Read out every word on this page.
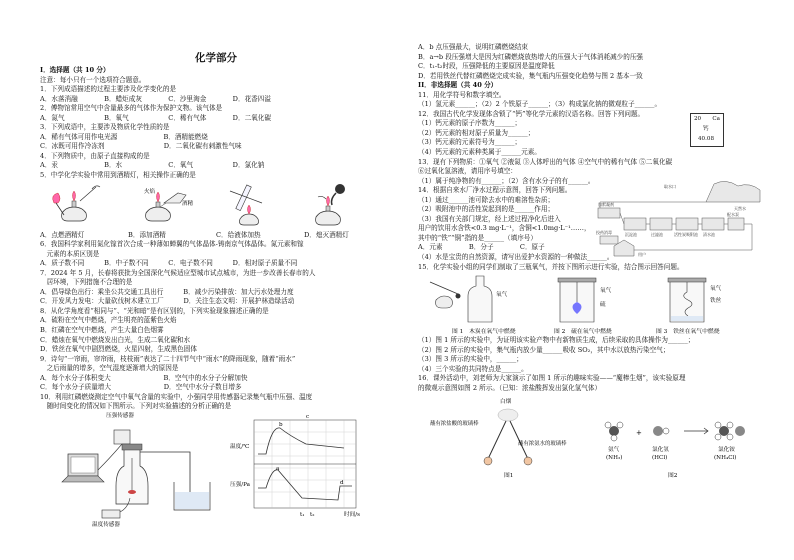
化学部分
I．选择题（共 10 分）
注意：每小只有一个选项符合题意。
1．下列成语描述的过程主要涉及化学变化的是
A．水落消融　　　　B．蜡炬成灰　　　　C．沙里淘金　　　　D．花香四溢
2．傅物馆常用空气中含量最多的气体作为保护文物。该气体是
A．氮气　　　　　　B．氧气　　　　　　C．稀有气体　　　　D．二氧化碳
3．下列成语中，主要涉及物质化学性质的是
A．稀有气体可用作电光源　　　　　　　B．酒精能燃烧
C．冰既可用作冷冻剂　　　　　　　　　D．二氧化碳有刺激性气味
4．下列物质中，由原子直接构成的是
A．汞　　　　　　　B．水　　　　　　　C．氧气　　　　　　D．氯化钠
5．中学化学实验中常用到酒精灯，相关操作正确的是
火焰
酒精
A．点燃酒精灯	B．添加酒精	C．给液体加热	D．熄灭酒精灯
6．我国科学家利用氮化镓首次合成一种薄如蝉翼的气体晶体-铸南京气体晶体。氮元素和镓
　元素的本质区别是
A．质子数不同　　　B．中子数不同　　　C．电子数不同　　　D．相对原子质量不同
7．2024 年 5 月，长春将获批为全国深化气候适应型城市试点城市，为进一步改善长春市的人
　居环境，下列措施不合理的是
A．倡导绿色出行：乘坐公共交通工具出行　　　B．减少污染排放：加大污水处理力度
C．开发风力发电：大量砍伐树木建立工厂　　　D．关注生态文明：开展护林造绿活动
8．从化学角度看“相同与”、“光和暗”是有区别的，下列实验现象描述正确的是
A．硫粉在空气中燃烧，产生明亮的蓝紫色火焰
B．红磷在空气中燃烧，产生大量白色烟雾
C．蜡烛在氧气中燃烧发出白光，生成二氧化碳和水
D．铁丝在氧气中剧烈燃烧，火星四射，生成黑色固体
9．诗句“一帘雨，帘帘雨，枝枝雨”表达了二十四节气中“雨水”的降雨现象，随着“雨水”
　之后雨量的增多，空气湿度逐渐增大的原因是
A．每个水分子体积变大　　　　　　　　B．空气中的水分子分解加快
C．每个水分子质量增大　　　　　　　　D．空气中水分子数目增多
10．利用红磷燃烧测定空气中氧气含量的实验中，小强同学用传感器记录集气瓶中压强、温度
　随时间变化的情况如下图所示。下列对实验描述的分析正确的是
压强传感器
温度传感器
温度/℃
压强/Pa
a
b
c
d
t₁ t₂	时间/s
A．b 点压强最大，说明红磷燃烧结束
B．a→b 段压强增大是因为红磷燃烧放热增大的压强大于气体消耗减少的压强
C．t₁-t₂时段，压强降低的主要原因是温度降低
D．若用铁丝代替红磷燃烧完成实验，集气瓶内压强变化趋势与图 2 基本一致
II．非选择题（共 40 分）
11．用化学符号和数字填空。
（1）氢元素______；（2）2 个铁原子______；（3）构成氯化钠的微观粒子______。
12．我国古代化学发现体含锁了“钙”等化学元素的汉语名称。回答下列问题。
（1）钙元素的原子序数为______；
（2）钙元素的相对原子质量为______；
（3）钙元素的元素符号为______；
（4）钙元素的元素种类属于______元素。
20 Ca
钙
40.08
13．现有下列物质：①氧气 ②液氮 ③人体呼出的气体 ④空气中的稀有气体 ⑤二氧化碳
⑥过氧化氢溶液，请用序号填空：
（1）属于纯净物的有______；（2）含有水分子的有______。
14．根据自来水厂净水过程示意图，回答下列问题。
（1）通过______池可除去水中的难溶性杂质；
（2）吸附池中的活性炭起到的是______作用；
（3）我国有关部门规定，经上述过程净化后进入
用户的饮用水含铁<0.3 mg·L⁻¹，含铜<1.0mg·L⁻¹……，
其中的“铁”“铜”指的是______（填序号）
A．元素　　　　B．分子　　　　C．原子
取水口
天然水
加絮凝剂
沉淀池	过滤池	活性炭吸附池 清水池
配水泵
投药消毒
用户
（4）水是宝贵的自然资源，请写出爱护水资源的一种做法______。
15．化学实验小组的同学们制取了三瓶氧气，并按下图所示进行实验，结合图示回答问题。
氧气
氧气
硫
氧气
铁丝
图 1　木炭在氧气中燃烧	图 2　硫在氧气中燃烧	图 3　铁丝在氧气中燃烧
（1）图 1 所示的实验中，为证明该实验产物中有新物质生成，后续采取的具体操作为______；
（2）图 2 所示的实验中，集气瓶内放少量______吸收 SO₂，其中水以放热污染空气；
（3）图 3 所示的实验中，______；
（4）三个实验的共同特点是______。
16．课外活动中，刘老师为大家演示了如图 1 所示的趣味实验——“魔棒生烟”，该实验原理
的微观示意图如图 2 所示。（已知：浓盐酸挥发出氯化氢气体）
白烟
蘸有浓盐酸的玻璃棒
蘸有浓氨水的玻璃棒
图1
氨气
(NH₃)
+
氯化氢
(HCl)
氯化铵
(NH₄Cl)
图2
